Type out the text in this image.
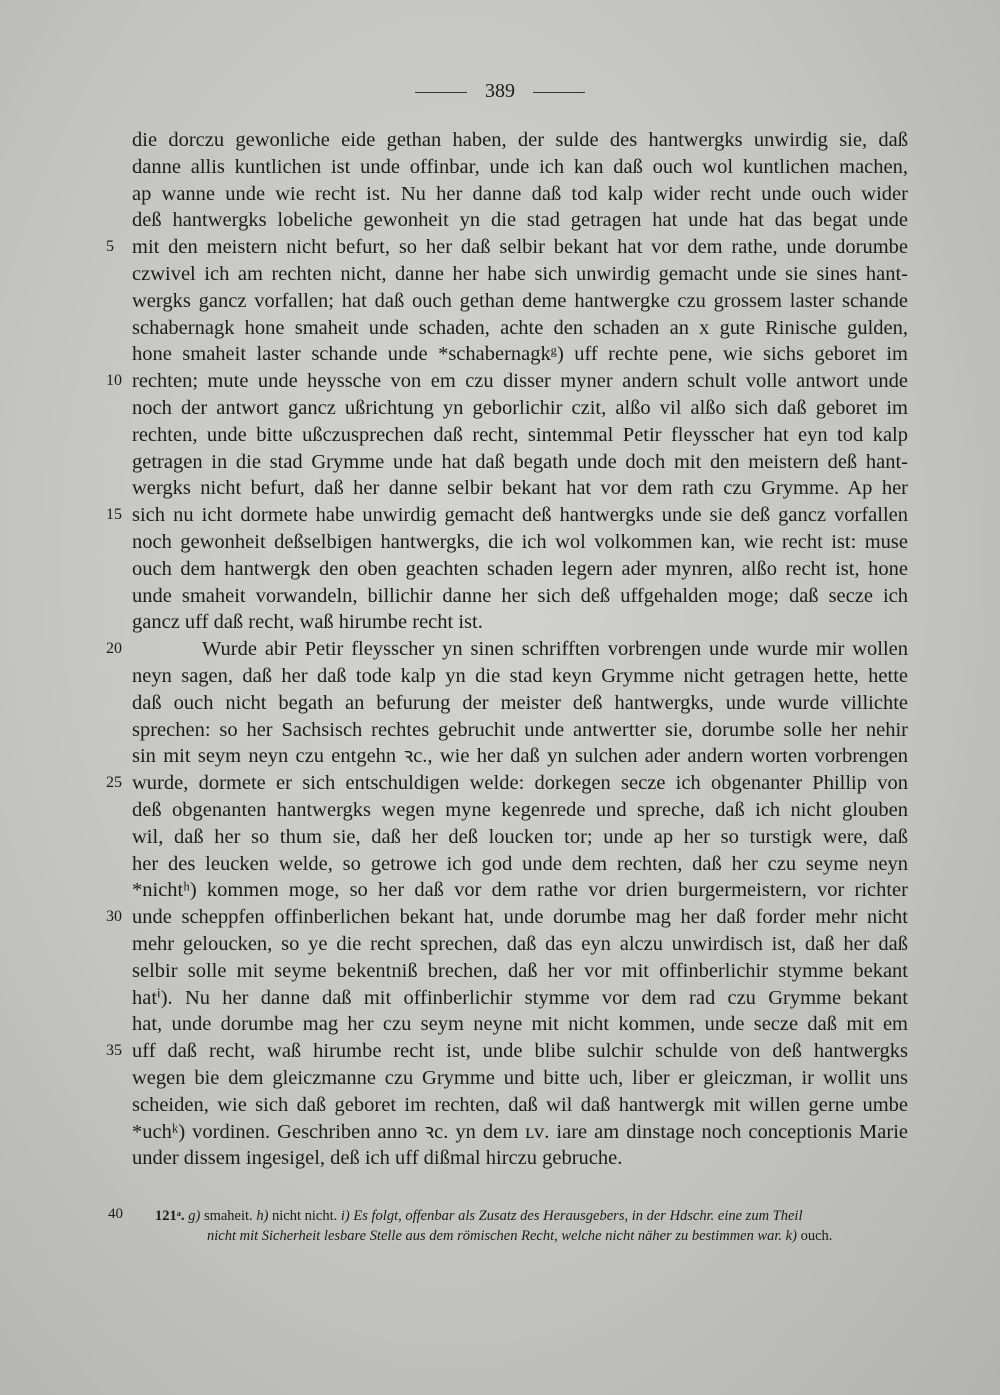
389
die dorczu gewonliche eide gethan haben, der sulde des hantwergks unwirdig sie, daß
danne allis kuntlichen ist unde offinbar, unde ich kan daß ouch wol kuntlichen machen,
ap wanne unde wie recht ist. Nu her danne daß tod kalp wider recht unde ouch wider
deß hantwergks lobeliche gewonheit yn die stad getragen hat unde hat das begat unde
mit den meistern nicht befurt, so her daß selbir bekant hat vor dem rathe, unde dorumbe
czwivel ich am rechten nicht, danne her habe sich unwirdig gemacht unde sie sines hant-
wergks gancz vorfallen; hat daß ouch gethan deme hantwergke czu grossem laster schande
schabernagk hone smaheit unde schaden, achte den schaden an x gute Rinische gulden,
hone smaheit laster schande unde *schabernagkᵍ) uff rechte pene, wie sichs geboret im
rechten; mute unde heyssche von em czu disser myner andern schult volle antwort unde
noch der antwort gancz ußrichtung yn geborlichir czit, alßo vil alßo sich daß geboret im
rechten, unde bitte ußczusprechen daß recht, sintemmal Petir fleysscher hat eyn tod kalp
getragen in die stad Grymme unde hat daß begath unde doch mit den meistern deß hant-
wergks nicht befurt, daß her danne selbir bekant hat vor dem rath czu Grymme. Ap her
sich nu icht dormete habe unwirdig gemacht deß hantwergks unde sie deß gancz vorfallen
noch gewonheit deßselbigen hantwergks, die ich wol volkommen kan, wie recht ist: muse
ouch dem hantwergk den oben geachten schaden legern ader mynren, alßo recht ist, hone
unde smaheit vorwandeln, billichir danne her sich deß uffgehalden moge; daß secze ich
gancz uff daß recht, waß hirumbe recht ist.
Wurde abir Petir fleysscher yn sinen schrifften vorbrengen unde wurde mir wollen
neyn sagen, daß her daß tode kalp yn die stad keyn Grymme nicht getragen hette, hette
daß ouch nicht begath an befurung der meister deß hantwergks, unde wurde villichte
sprechen: so her Sachsisch rechtes gebruchit unde antwertter sie, dorumbe solle her nehir
sin mit seym neyn czu entgehn ꝛc., wie her daß yn sulchen ader andern worten vorbrengen
wurde, dormete er sich entschuldigen welde: dorkegen secze ich obgenanter Phillip von
deß obgenanten hantwergks wegen myne kegenrede und spreche, daß ich nicht glouben
wil, daß her so thum sie, daß her deß loucken tor; unde ap her so turstigk were, daß
her des leucken welde, so getrowe ich god unde dem rechten, daß her czu seyme neyn
*nichtʰ) kommen moge, so her daß vor dem rathe vor drien burgermeistern, vor richter
unde scheppfen offinberlichen bekant hat, unde dorumbe mag her daß forder mehr nicht
mehr geloucken, so ye die recht sprechen, daß das eyn alczu unwirdisch ist, daß her daß
selbir solle mit seyme bekentniß brechen, daß her vor mit offinberlichir stymme bekant
hatⁱ). Nu her danne daß mit offinberlichir stymme vor dem rad czu Grymme bekant
hat, unde dorumbe mag her czu seym neyne mit nicht kommen, unde secze daß mit em
uff daß recht, waß hirumbe recht ist, unde blibe sulchir schulde von deß hantwergks
wegen bie dem gleiczmanne czu Grymme und bitte uch, liber er gleiczman, ir wollit uns
scheiden, wie sich daß geboret im rechten, daß wil daß hantwergk mit willen gerne umbe
*uchᵏ) vordinen. Geschriben anno ꝛc. yn dem ʟᴠ. iare am dinstage noch conceptionis Marie
under dissem ingesigel, deß ich uff dißmal hirczu gebruche.
5
10
15
20
25
30
35
40 121ᵃ. g) smaheit. h) nicht nicht. i) Es folgt, offenbar als Zusatz des Herausgebers, in der Hdschr. eine zum Theil
nicht mit Sicherheit lesbare Stelle aus dem römischen Recht, welche nicht näher zu bestimmen war. k) ouch.
